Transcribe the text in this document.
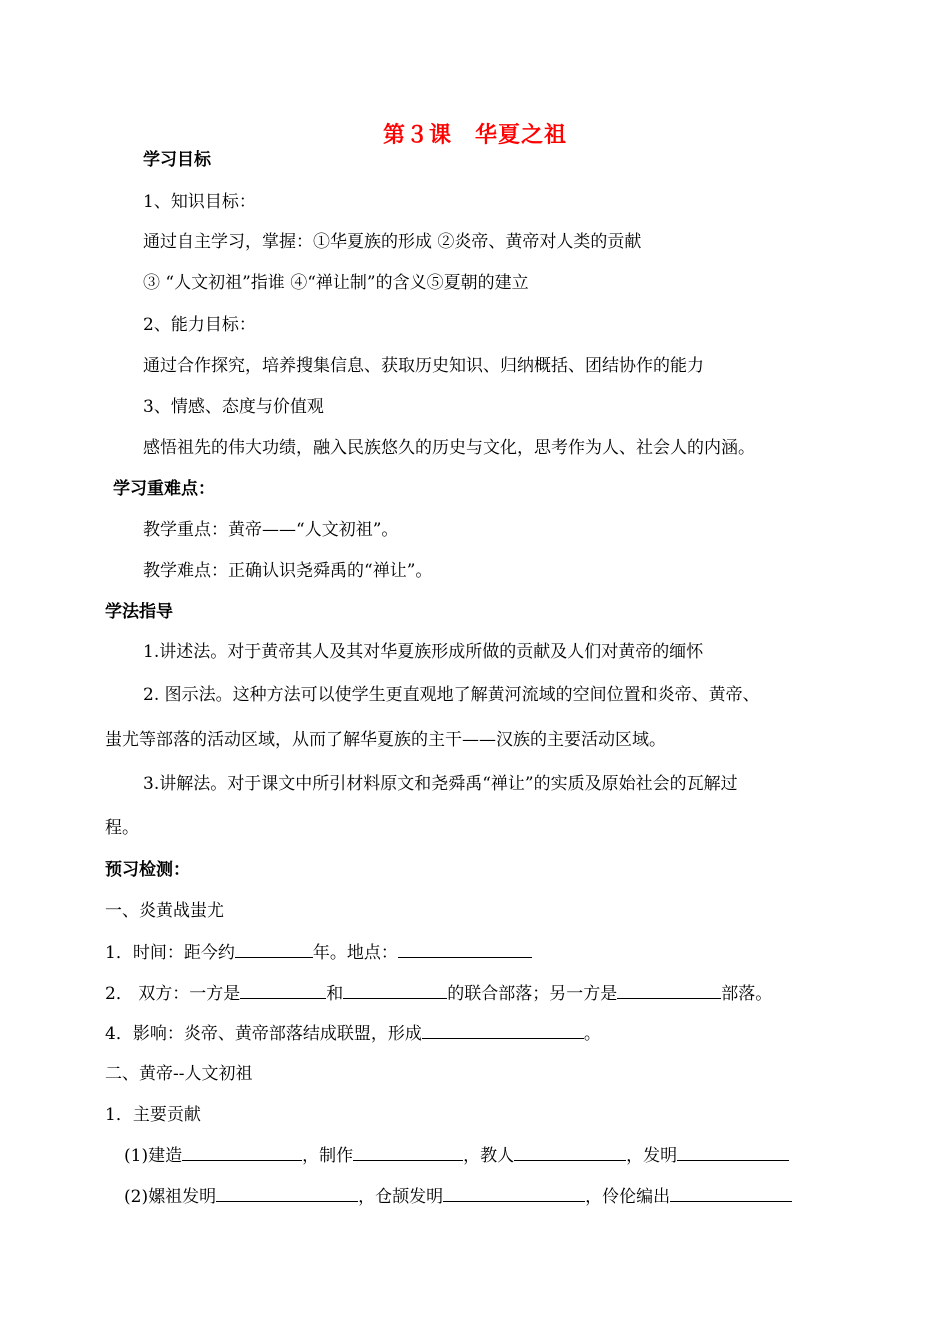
第３课　华夏之祖
学习目标
1、知识目标：
通过自主学习，掌握：①华夏族的形成 ②炎帝、黄帝对人类的贡献
③ “人文初祖”指谁 ④“禅让制”的含义⑤夏朝的建立
2、能力目标：
通过合作探究，培养搜集信息、获取历史知识、归纳概括、团结协作的能力
3、情感、态度与价值观
感悟祖先的伟大功绩，融入民族悠久的历史与文化，思考作为人、社会人的内涵。
学习重难点：
教学重点：黄帝——“人文初祖”。
教学难点：正确认识尧舜禹的“禅让”。
学法指导
1.讲述法。对于黄帝其人及其对华夏族形成所做的贡献及人们对黄帝的缅怀
2. 图示法。这种方法可以使学生更直观地了解黄河流域的空间位置和炎帝、黄帝、
蚩尤等部落的活动区域，从而了解华夏族的主干——汉族的主要活动区域。
3.讲解法。对于课文中所引材料原文和尧舜禹“禅让”的实质及原始社会的瓦解过
程。
预习检测：
一、炎黄战蚩尤
1．时间：距今约	年。地点：
2． 双方：一方是	和	的联合部落；另一方是	部落。
4．影响：炎帝、黄帝部落结成联盟，形成	。
二、黄帝--人文初祖
1．主要贡献
(1)建造	，制作	，教人	，发明
(2)嫘祖发明	，仓颉发明	，伶伦编出
